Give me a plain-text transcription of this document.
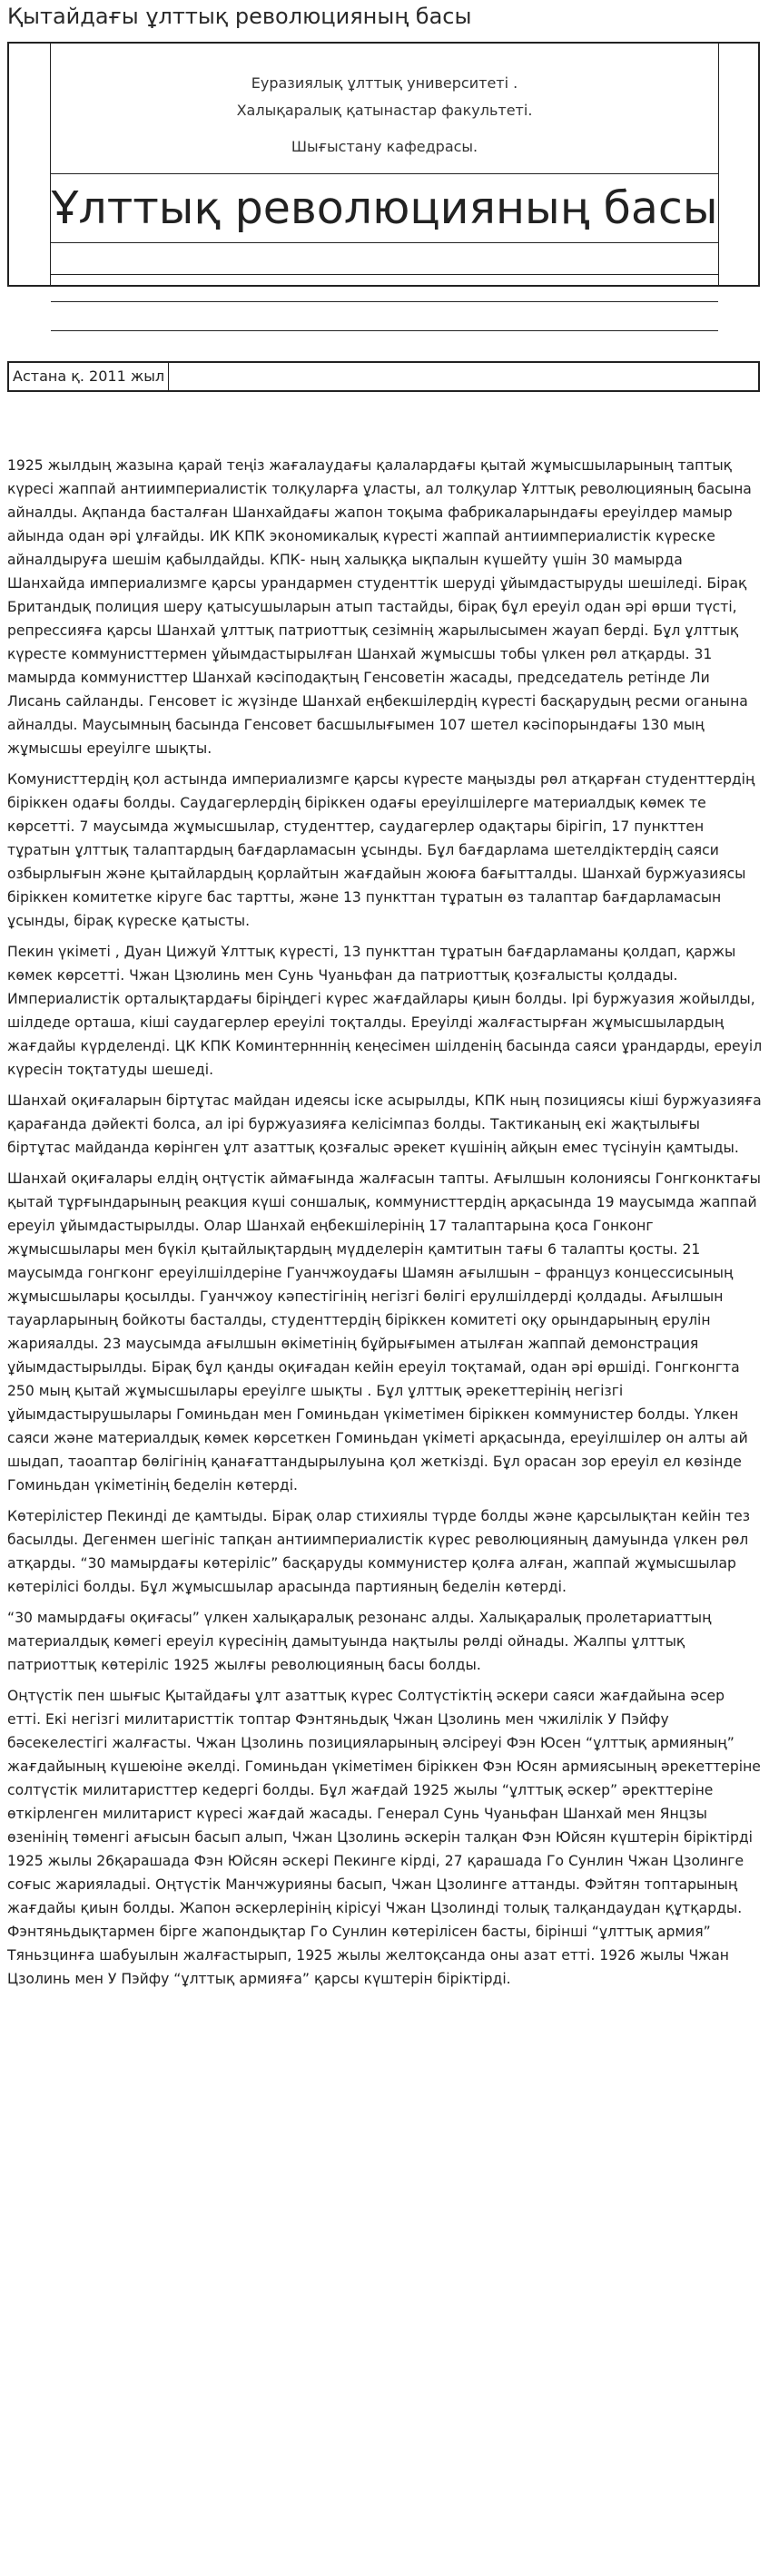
Қытайдағы ұлттық революцияның басы

Еуразиялық ұлттық университеті .

Халықаралық қатынастар факультеті.

Шығыстану кафедрасы.

Ұлттық революцияның басы
Астана қ. 2011 жыл

1925 жылдың жазына қарай теңіз жағалаудағы қалалардағы қытай жұмысшыларының таптық күресі жаппай антиимпериалистік толқуларға ұласты, ал толқулар Ұлттық революцияның басына айналды. Ақпанда басталған Шанхайдағы жапон тоқыма фабрикаларындағы ереуілдер мамыр айында одан әрі ұлғайды. ИК КПК экономикалық күресті жаппай антиимпериалистік күреске айналдыруға шешім қабылдайды. КПК- ның халыққа ықпалын күшейту үшін 30 мамырда Шанхайда империализмге қарсы урандармен студенттік шеруді ұйымдастыруды шешіледі. Бірақ Британдық полиция шеру қатысушыларын атып тастайды, бірақ бұл ереуіл одан әрі өрши түсті, репрессияға қарсы Шанхай ұлттық патриоттық сезімнің жарылысымен жауап берді. Бұл ұлттық күресте коммунисттермен ұйымдастырылған Шанхай жұмысшы тобы үлкен рөл атқарды. 31 мамырда коммунисттер Шанхай кәсіподақтың Генсоветін жасады, председатель ретінде Ли Лисань сайланды. Генсовет іс жүзінде Шанхай еңбекшілердің күресті басқарудың ресми оганына айналды. Маусымның басында Генсовет басшылығымен 107 шетел кәсіпорындағы 130 мың жұмысшы ереуілге шықты.

Комунисттердің қол астында империализмге қарсы күресте маңызды рөл атқарған студенттердің біріккен одағы болды. Саудагерлердің біріккен одағы ереуілшілерге материалдық көмек те көрсетті. 7 маусымда жұмысшылар, студенттер, саудагерлер одақтары бірігіп, 17 пункттен тұратын ұлттық талаптардың бағдарламасын ұсынды. Бұл бағдарлама шетелдіктердің саяси озбырлығын және қытайлардың қорлайтын жағдайын жоюға бағытталды. Шанхай буржуазиясы біріккен комитетке кіруге бас тартты, және 13 пункттан тұратын өз талаптар бағдарламасын ұсынды, бірақ күреске қатысты.

Пекин үкіметі , Дуан Цижуй Ұлттық күресті, 13 пункттан тұратын бағдарламаны қолдап, қаржы көмек көрсетті. Чжан Цзюлинь мен Сунь Чуаньфан да патриоттық қозғалысты қолдады. Империалистік орталықтардағы біріңдегі күрес жағдайлары қиын болды. Ірі буржуазия жойылды, шілдеде орташа, кіші саудагерлер ереуілі тоқталды. Ереуілді жалғастырған жұмысшылардың жағдайы күрделенді. ЦК КПК Коминтернннің кеңесімен шілденің басында саяси ұрандарды, ереуіл күресін тоқтатуды шешеді.

Шанхай оқиғаларын біртұтас майдан идеясы іске асырылды, КПК ның позициясы кіші буржуазияға қарағанда дәйекті болса, ал ірі буржуазияға келісімпаз болды. Тактиканың екі жақтылығы біртұтас майданда көрінген ұлт азаттық қозғалыс әрекет күшінің айқын емес түсінуін қамтыды.

Шанхай оқиғалары елдің оңтүстік аймағында жалғасын тапты. Ағылшын колониясы Гонгконктағы қытай тұрғындарының реакция күші соншалық, коммунисттердің арқасында 19 маусымда жаппай ереуіл ұйымдастырылды. Олар Шанхай еңбекшілерінің 17 талаптарына қоса Гонконг жұмысшылары мен бүкіл қытайлықтардың мүдделерін қамтитын тағы 6 талапты қосты. 21 маусымда гонгконг ереуілшілдеріне Гуанчжоудағы Шамян ағылшын – француз концессисының жұмысшылары қосылды. Гуанчжоу кәпестігінің негізгі бөлігі ерулшілдерді қолдады. Ағылшын тауарларының бойкоты басталды, студенттердің біріккен комитеті оқу орындарының ерулін жарияалды. 23 маусымда ағылшын өкіметінің бұйрығымен атылған жаппай демонстрация ұйымдастырылды. Бірақ бұл қанды оқиғадан кейін ереуіл тоқтамай, одан әрі өршіді. Гонгконгта 250 мың қытай жұмысшылары ереуілге шықты . Бұл ұлттық әрекеттерінің негізгі ұйымдастырушылары Гоминьдан мен Гоминьдан үкіметімен біріккен коммунистер болды. Үлкен саяси және материалдық көмек көрсеткен Гоминьдан үкіметі арқасында, ереуілшілер он алты ай шыдап, таоаптар бөлігінің қанағаттандырылуына қол жеткізді. Бұл орасан зор ереуіл ел көзінде Гоминьдан үкіметінің беделін көтерді.

Көтерілістер Пекинді де қамтыды. Бірақ олар стихиялы түрде болды және қарсылықтан кейін тез басылды. Дегенмен шегініс тапқан антиимпериалистік күрес революцияның дамуында үлкен рөл атқарды. “30 мамырдағы көтеріліс” басқаруды коммунистер қолға алған, жаппай жұмысшылар көтерілісі болды. Бұл жұмысшылар арасында партияның беделін көтерді.

“30 мамырдағы оқиғасы” үлкен халықаралық резонанс алды. Халықаралық пролетариаттың материалдық көмегі ереуіл күресінің дамытуында нақтылы рөлді ойнады. Жалпы ұлттық патриоттық көтеріліс 1925 жылғы революцияның басы болды.

Оңтүстік пен шығыс Қытайдағы ұлт азаттық күрес Солтүстіктің әскери саяси жағдайына әсер етті. Екі негізгі милитаристтік топтар Фэнтяньдық Чжан Цзолинь мен чжилілік У Пэйфу бәсекелестігі жалғасты. Чжан Цзолинь позицияларының әлсіреуі Фэн Юсен “ұлттық армияның” жағдайының күшеюіне әкелді. Гоминьдан үкіметімен біріккен Фэн Юсян армиясының әрекеттеріне солтүстік милитаристтер кедергі болды. Бұл жағдай 1925 жылы “ұлттық әскер” әректтеріне өткірленген милитарист күресі жағдай жасады. Генерал Сунь Чуаньфан Шанхай мен Янцзы өзенінің төменгі ағысын басып алып, Чжан Цзолинь әскерін талқан Фэн Юйсян күштерін біріктірді 1925 жылы 26қарашада Фэн Юйсян әскері Пекинге кірді, 27 қарашада Го Сунлин Чжан Цзолинге соғыс жарияладыі. Оңтүстік Манчжурияны басып, Чжан Цзолинге аттанды. Фэйтян топтарының жағдайы қиын болды. Жапон әскерлерінің кірісуі Чжан Цзолинді толық талқандаудан құтқарды. Фэнтяньдықтармен бірге жапондықтар Го Сунлин көтерілісен басты, бірінші “ұлттық армия” Тяньзцинға шабуылын жалғастырып, 1925 жылы желтоқсанда оны азат етті. 1926 жылы Чжан Цзолинь мен У Пэйфу “ұлттық армияға” қарсы күштерін біріктірді.
